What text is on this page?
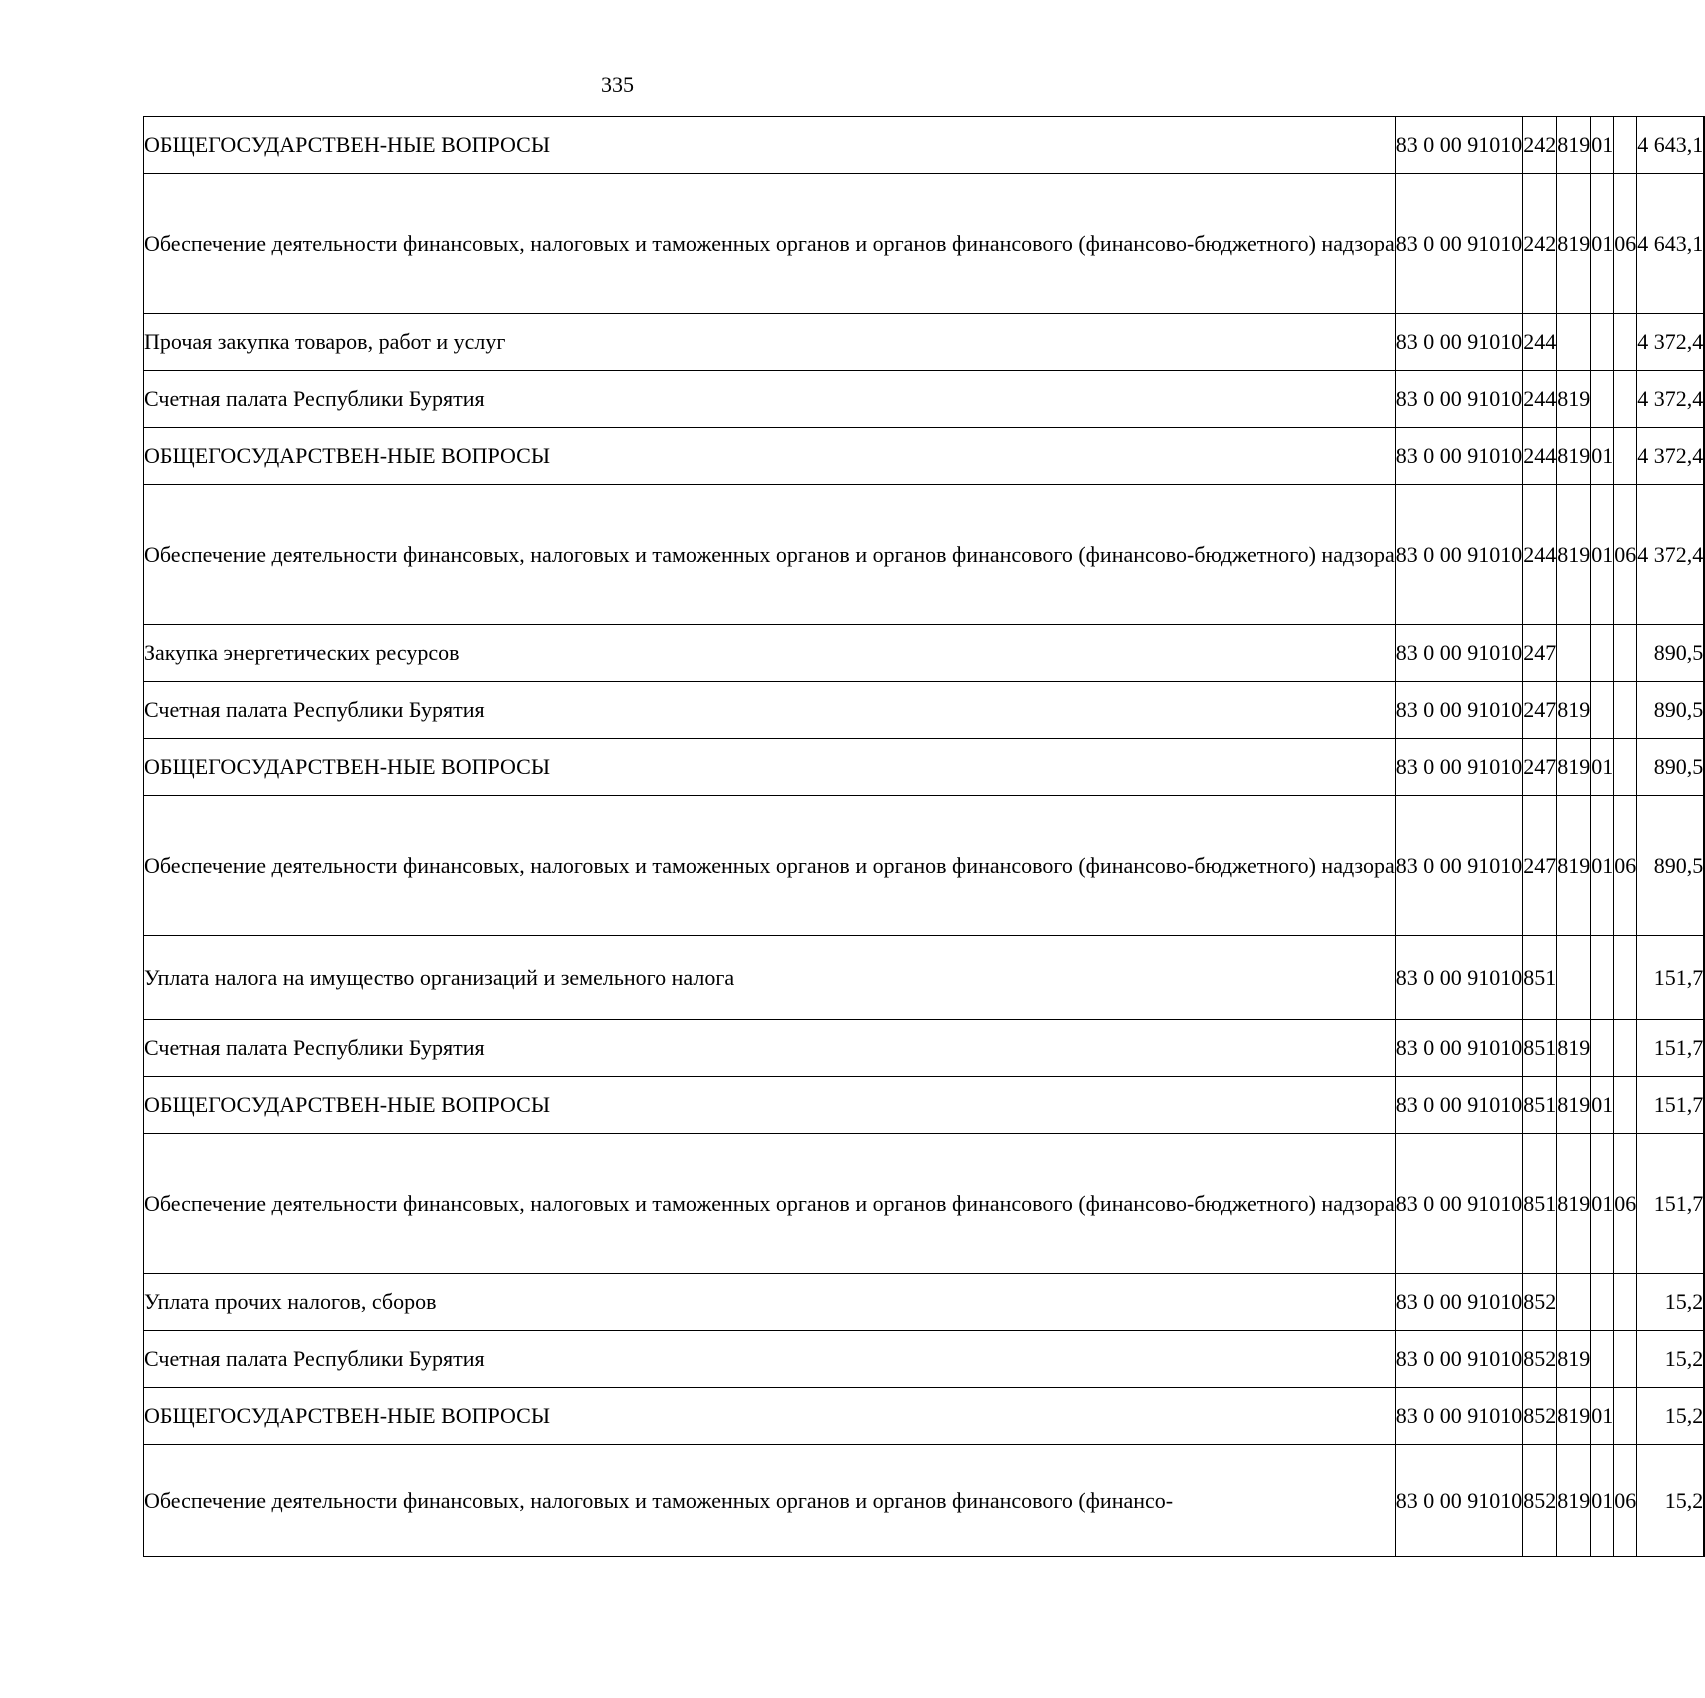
335
ОБЩЕГОСУДАРСТВЕН-НЫЕ ВОПРОСЫ	83 0 00 91010	242	819	01		4 643,1	
Обеспечение деятельности финансовых, налоговых и таможенных органов и органов финансового (финансово-бюджетного) надзора	83 0 00 91010	242	819	01	06	4 643,1	
Прочая закупка товаров, работ и услуг	83 0 00 91010	244				4 372,4	
Счетная палата Республики Бурятия	83 0 00 91010	244	819			4 372,4	
ОБЩЕГОСУДАРСТВЕН-НЫЕ ВОПРОСЫ	83 0 00 91010	244	819	01		4 372,4	
Обеспечение деятельности финансовых, налоговых и таможенных органов и органов финансового (финансово-бюджетного) надзора	83 0 00 91010	244	819	01	06	4 372,4	
Закупка энергетических ресурсов	83 0 00 91010	247				890,5	
Счетная палата Республики Бурятия	83 0 00 91010	247	819			890,5	
ОБЩЕГОСУДАРСТВЕН-НЫЕ ВОПРОСЫ	83 0 00 91010	247	819	01		890,5	
Обеспечение деятельности финансовых, налоговых и таможенных органов и органов финансового (финансово-бюджетного) надзора	83 0 00 91010	247	819	01	06	890,5	
Уплата налога на имущество организаций и земельного налога	83 0 00 91010	851				151,7	
Счетная палата Республики Бурятия	83 0 00 91010	851	819			151,7	
ОБЩЕГОСУДАРСТВЕН-НЫЕ ВОПРОСЫ	83 0 00 91010	851	819	01		151,7	
Обеспечение деятельности финансовых, налоговых и таможенных органов и органов финансового (финансово-бюджетного) надзора	83 0 00 91010	851	819	01	06	151,7	
Уплата прочих налогов, сборов	83 0 00 91010	852				15,2	
Счетная палата Республики Бурятия	83 0 00 91010	852	819			15,2	
ОБЩЕГОСУДАРСТВЕН-НЫЕ ВОПРОСЫ	83 0 00 91010	852	819	01		15,2	
Обеспечение деятельности финансовых, налоговых и таможенных органов и органов финансового (финансо-	83 0 00 91010	852	819	01	06	15,2	
